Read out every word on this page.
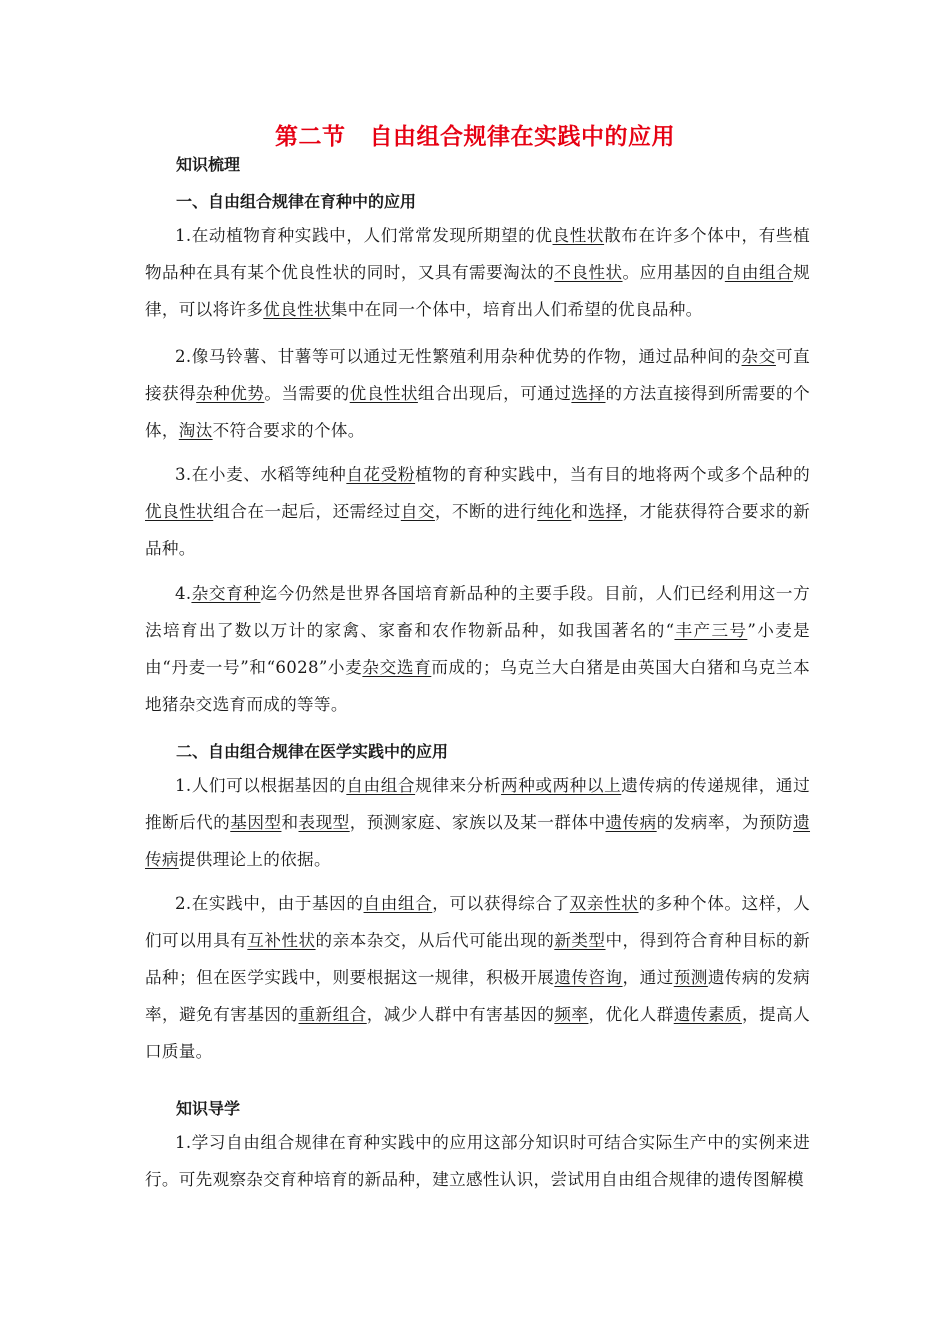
第二节 自由组合规律在实践中的应用
知识梳理
一、自由组合规律在育种中的应用
1.在动植物育种实践中，人们常常发现所期望的优良性状散布在许多个体中，有些植物品种在具有某个优良性状的同时，又具有需要淘汰的不良性状。应用基因的自由组合规律，可以将许多优良性状集中在同一个体中，培育出人们希望的优良品种。
2.像马铃薯、甘薯等可以通过无性繁殖利用杂种优势的作物，通过品种间的杂交可直接获得杂种优势。当需要的优良性状组合出现后，可通过选择的方法直接得到所需要的个体，淘汰不符合要求的个体。
3.在小麦、水稻等纯种自花受粉植物的育种实践中，当有目的地将两个或多个品种的优良性状组合在一起后，还需经过自交，不断的进行纯化和选择，才能获得符合要求的新品种。
4.杂交育种迄今仍然是世界各国培育新品种的主要手段。目前，人们已经利用这一方法培育出了数以万计的家禽、家畜和农作物新品种，如我国著名的“丰产三号”小麦是由“丹麦一号”和“6028”小麦杂交选育而成的；乌克兰大白猪是由英国大白猪和乌克兰本地猪杂交选育而成的等等。
二、自由组合规律在医学实践中的应用
1.人们可以根据基因的自由组合规律来分析两种或两种以上遗传病的传递规律，通过推断后代的基因型和表现型，预测家庭、家族以及某一群体中遗传病的发病率，为预防遗传病提供理论上的依据。
2.在实践中，由于基因的自由组合，可以获得综合了双亲性状的多种个体。这样，人们可以用具有互补性状的亲本杂交，从后代可能出现的新类型中，得到符合育种目标的新品种；但在医学实践中，则要根据这一规律，积极开展遗传咨询，通过预测遗传病的发病率，避免有害基因的重新组合，减少人群中有害基因的频率，优化人群遗传素质，提高人口质量。
知识导学
1.学习自由组合规律在育种实践中的应用这部分知识时可结合实际生产中的实例来进行。可先观察杂交育种培育的新品种，建立感性认识，尝试用自由组合规律的遗传图解模
